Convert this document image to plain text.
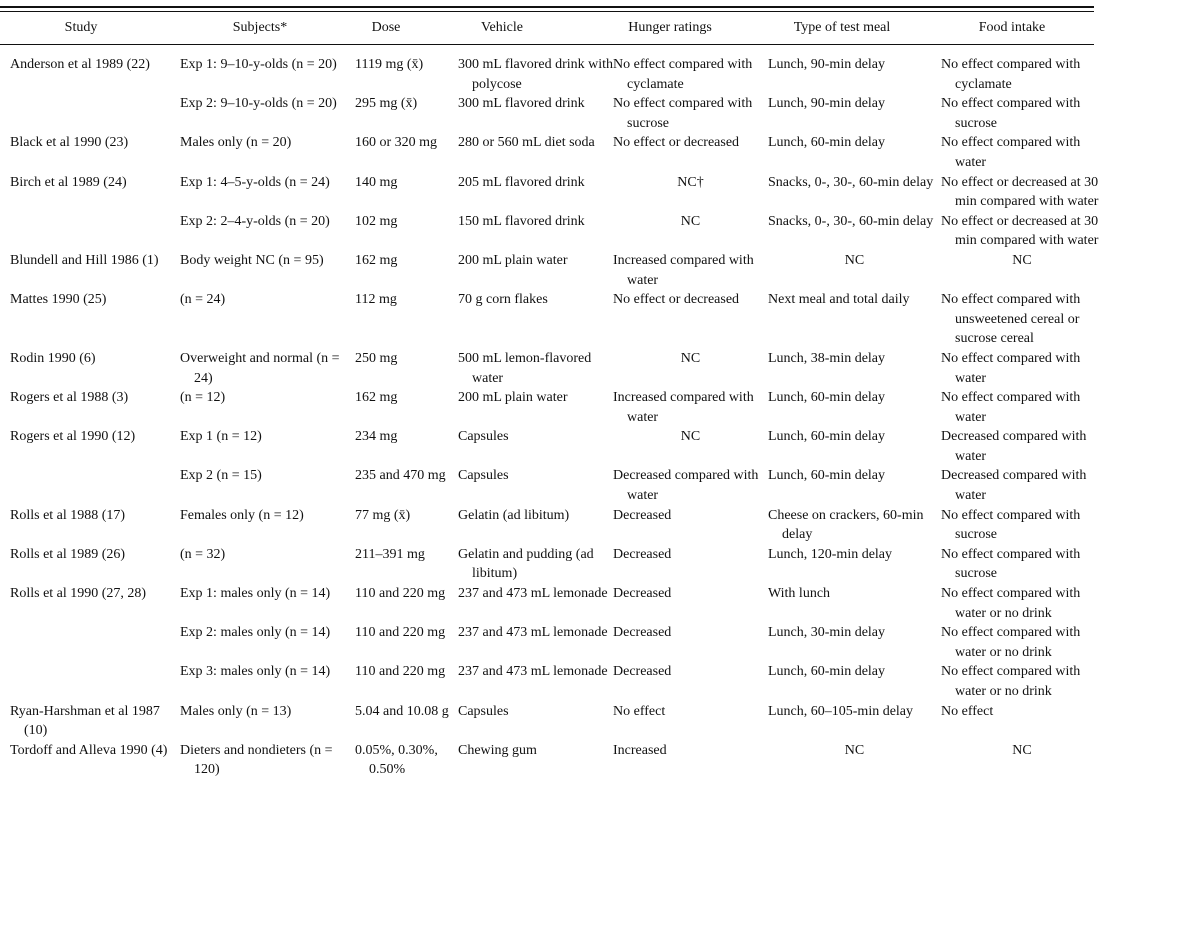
Study	Subjects*	Dose	Vehicle	Hunger ratings	Type of test meal	Food intake
Anderson et al 1989 (22)	Exp 1: 9–10-y-olds (n = 20)	1119 mg (x̄)	300 mL flavored drink with polycose	No effect compared with cyclamate	Lunch, 90-min delay	No effect compared with cyclamate

	Exp 2: 9–10-y-olds (n = 20)	295 mg (x̄)	300 mL flavored drink	No effect compared with sucrose	Lunch, 90-min delay	No effect compared with sucrose

Black et al 1990 (23)	Males only (n = 20)	160 or 320 mg	280 or 560 mL diet soda	No effect or decreased	Lunch, 60-min delay	No effect compared with water

Birch et al 1989 (24)	Exp 1: 4–5-y-olds (n = 24)	140 mg	205 mL flavored drink	NC†	Snacks, 0-, 30-, 60-min delay	No effect or decreased at 30 min compared with water

	Exp 2: 2–4-y-olds (n = 20)	102 mg	150 mL flavored drink	NC	Snacks, 0-, 30-, 60-min delay	No effect or decreased at 30 min compared with water

Blundell and Hill 1986 (1)	Body weight NC (n = 95)	162 mg	200 mL plain water	Increased compared with water	NC	NC

Mattes 1990 (25)	(n = 24)	112 mg	70 g corn flakes	No effect or decreased	Next meal and total daily	No effect compared with unsweetened cereal or sucrose cereal

Rodin 1990 (6)	Overweight and normal (n = 24)	250 mg	500 mL lemon-flavored water	NC	Lunch, 38-min delay	No effect compared with water

Rogers et al 1988 (3)	(n = 12)	162 mg	200 mL plain water	Increased compared with water	Lunch, 60-min delay	No effect compared with water

Rogers et al 1990 (12)	Exp 1 (n = 12)	234 mg	Capsules	NC	Lunch, 60-min delay	Decreased compared with water

	Exp 2 (n = 15)	235 and 470 mg	Capsules	Decreased compared with water	Lunch, 60-min delay	Decreased compared with water

Rolls et al 1988 (17)	Females only (n = 12)	77 mg (x̄)	Gelatin (ad libitum)	Decreased	Cheese on crackers, 60-min delay	No effect compared with sucrose

Rolls et al 1989 (26)	(n = 32)	211–391 mg	Gelatin and pudding (ad libitum)	Decreased	Lunch, 120-min delay	No effect compared with sucrose

Rolls et al 1990 (27, 28)	Exp 1: males only (n = 14)	110 and 220 mg	237 and 473 mL lemonade	Decreased	With lunch	No effect compared with water or no drink

	Exp 2: males only (n = 14)	110 and 220 mg	237 and 473 mL lemonade	Decreased	Lunch, 30-min delay	No effect compared with water or no drink

	Exp 3: males only (n = 14)	110 and 220 mg	237 and 473 mL lemonade	Decreased	Lunch, 60-min delay	No effect compared with water or no drink

Ryan-Harshman et al 1987 (10)	Males only (n = 13)	5.04 and 10.08 g	Capsules	No effect	Lunch, 60–105-min delay	No effect

Tordoff and Alleva 1990 (4)	Dieters and nondieters (n = 120)	0.05%, 0.30%, 0.50%	Chewing gum	Increased	NC	NC
